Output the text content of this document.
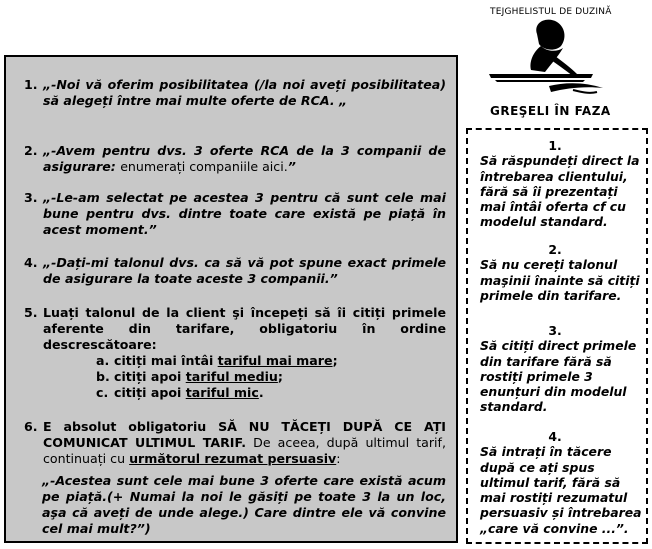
TEJGHELISTUL DE DUZINĂ
GREŞELI ÎN FAZA
1.
Să răspundeți direct la întrebarea clientului, fără să îi prezentați mai întâi oferta cf cu modelul standard.
2.
Să nu cereți talonul maşinii înainte să citiți primele din tarifare.
3.
Să citiți direct primele din tarifare fără să rostiți primele 3 enunțuri din modelul standard.
4.
Să intrați în tăcere după ce ați spus ultimul tarif, fără să mai rostiți rezumatul persuasiv și întrebarea „care vă convine ...”.
1. „-Noi vă oferim posibilitatea (/la noi aveți posibilitatea) să alegeți între mai multe oferte de RCA. „
2. „-Avem pentru dvs. 3 oferte RCA de la 3 companii de asigurare: enumerați companiile aici.”
3. „-Le-am selectat pe acestea 3 pentru că sunt cele mai bune pentru dvs. dintre toate care există pe piață în acest moment.”
4. „-Dați-mi talonul dvs. ca să vă pot spune exact primele de asigurare la toate aceste 3 companii.”
5. Luați talonul de la client şi începeți să îi citiți primele aferente din tarifare, obligatoriu în ordine descrescătoare:
a. citiți mai întâi tariful mai mare;
b. citiți apoi tariful mediu;
c. citiți apoi tariful mic.
6. E absolut obligatoriu SĂ NU TĂCEȚI DUPĂ CE AȚI COMUNICAT ULTIMUL TARIF. De aceea, după ultimul tarif, continuați cu următorul rezumat persuasiv:
„-Acestea sunt cele mai bune 3 oferte care există acum pe piață.(+ Numai la noi le găsiți pe toate 3 la un loc, aşa că aveți de unde alege.) Care dintre ele vă convine cel mai mult?”)
